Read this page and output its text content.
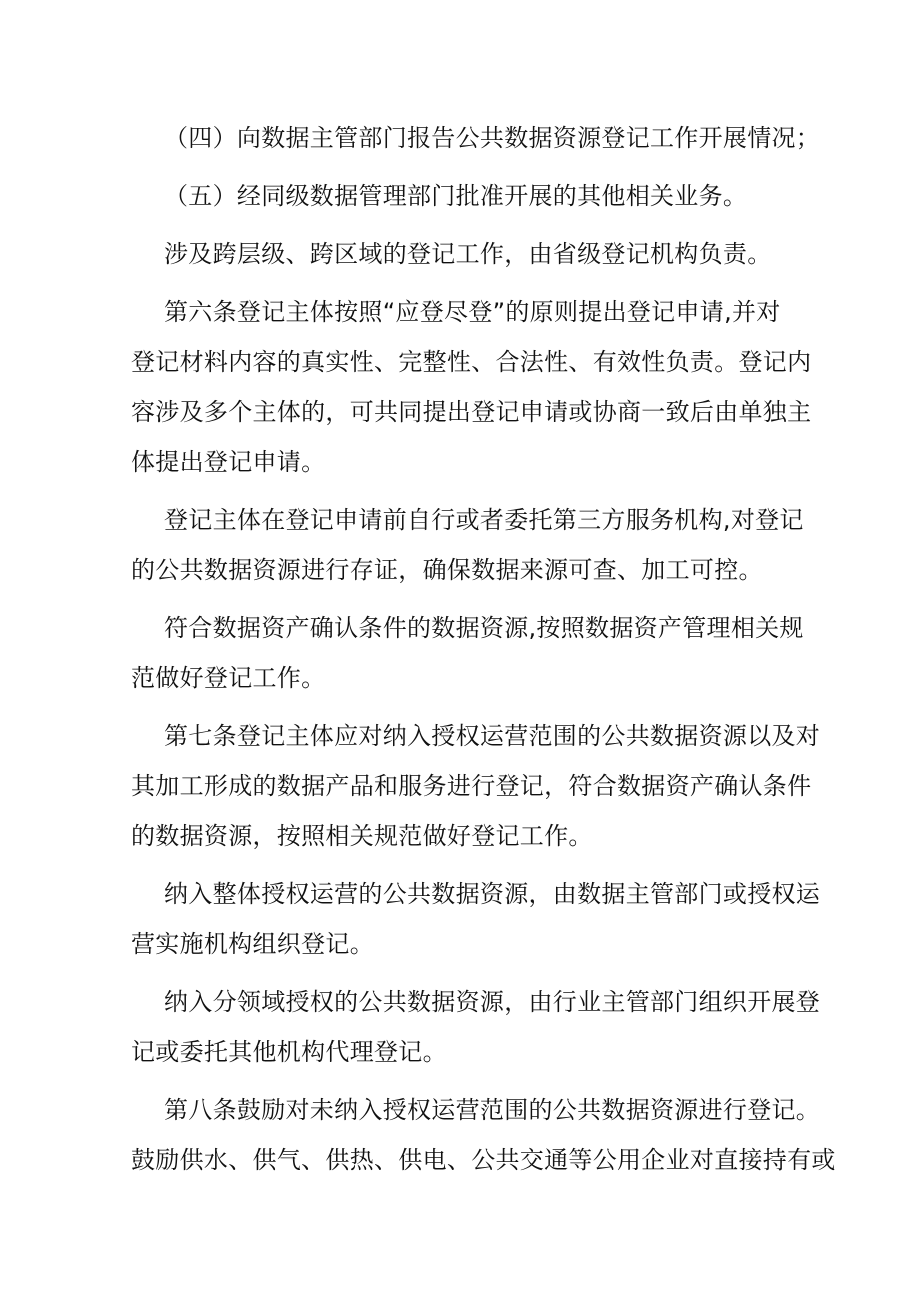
（四）向数据主管部门报告公共数据资源登记工作开展情况；
（五）经同级数据管理部门批准开展的其他相关业务。
涉及跨层级、跨区域的登记工作，由省级登记机构负责。
第六条登记主体按照“应登尽登”的原则提出登记申请,并对
登记材料内容的真实性、完整性、合法性、有效性负责。登记内
容涉及多个主体的，可共同提出登记申请或协商一致后由单独主
体提出登记申请。
登记主体在登记申请前自行或者委托第三方服务机构,对登记
的公共数据资源进行存证，确保数据来源可查、加工可控。
符合数据资产确认条件的数据资源,按照数据资产管理相关规
范做好登记工作。
第七条登记主体应对纳入授权运营范围的公共数据资源以及对
其加工形成的数据产品和服务进行登记，符合数据资产确认条件
的数据资源，按照相关规范做好登记工作。
纳入整体授权运营的公共数据资源，由数据主管部门或授权运
营实施机构组织登记。
纳入分领域授权的公共数据资源，由行业主管部门组织开展登
记或委托其他机构代理登记。
第八条鼓励对未纳入授权运营范围的公共数据资源进行登记。
鼓励供水、供气、供热、供电、公共交通等公用企业对直接持有或
